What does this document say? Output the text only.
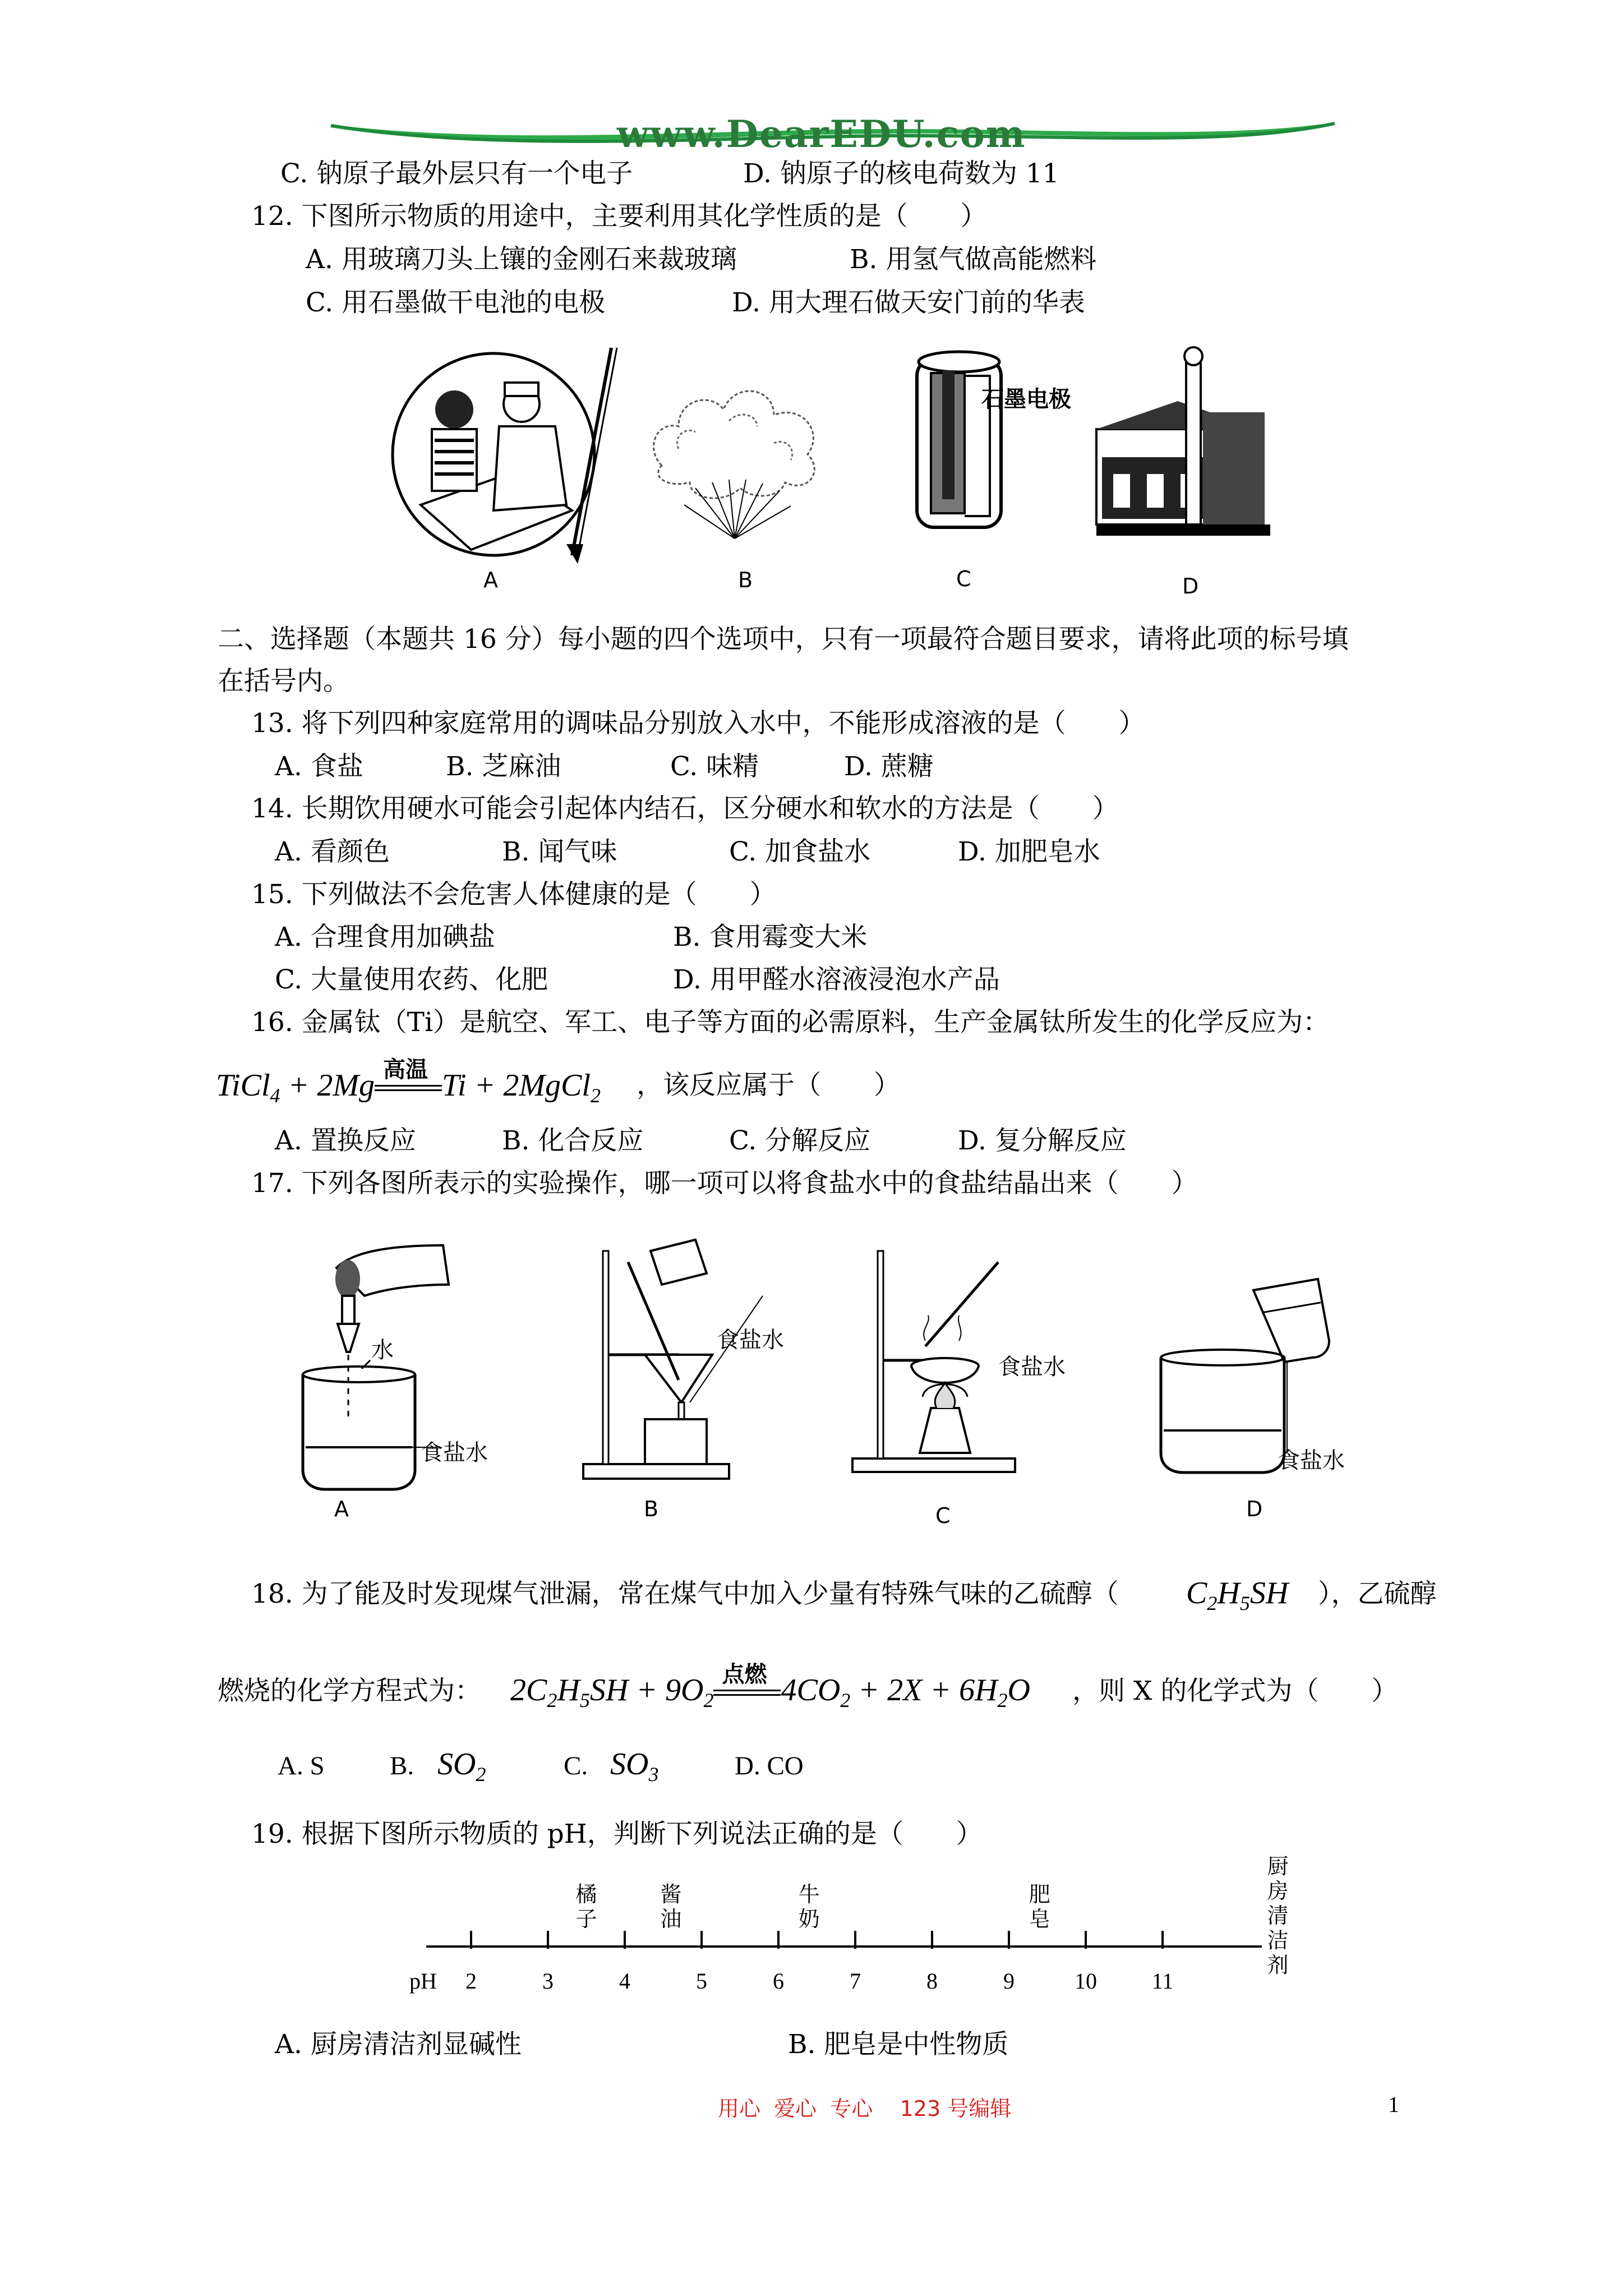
www.DearEDU.com
C. 钠原子最外层只有一个电子	D. 钠原子的核电荷数为 11
12. 下图所示物质的用途中，主要利用其化学性质的是（　　）
A. 用玻璃刀头上镶的金刚石来裁玻璃	B. 用氢气做高能燃料
C. 用石墨做干电池的电极	D. 用大理石做天安门前的华表
A	B
石墨电极
C	D
二、选择题（本题共 16 分）每小题的四个选项中，只有一项最符合题目要求，请将此项的标号填
在括号内。
13. 将下列四种家庭常用的调味品分别放入水中，不能形成溶液的是（　　）
A. 食盐	B. 芝麻油	C. 味精	D. 蔗糖
14. 长期饮用硬水可能会引起体内结石，区分硬水和软水的方法是（　　）
A. 看颜色	B. 闻气味	C. 加食盐水	D. 加肥皂水
15. 下列做法不会危害人体健康的是（　　）
A. 合理食用加碘盐	B. 食用霉变大米
C. 大量使用农药、化肥	D. 用甲醛水溶液浸泡水产品
16. 金属钛（Ti）是航空、军工、电子等方面的必需原料，生产金属钛所发生的化学反应为：
TiCl$_4$ + 2Mg 高温 Ti + 2MgCl$_2$ ，该反应属于（　　）
A. 置换反应	B. 化合反应	C. 分解反应	D. 复分解反应
17. 下列各图所表示的实验操作，哪一项可以将食盐水中的食盐结晶出来（　　）
水
食盐水
A
食盐水
B
食盐水
C
食盐水
D
18. 为了能及时发现煤气泄漏，常在煤气中加入少量有特殊气味的乙硫醇（ $C_2H_5SH$ ），乙硫醇
燃烧的化学方程式为： $2C_2H_5SH + 9O_2$
点燃 $4CO_2 + 2X + 6H_2O$ ，则 X 的化学式为（　　）
A. S B. $SO_2$	C. $SO_3$	D. CO
19. 根据下图所示物质的 pH，判断下列说法正确的是（　　）
pH 2	3	4	5	6	7	8	9	10 11
橘
子
酱
油
牛
奶
肥
皂
厨
房
清
洁
剂
A. 厨房清洁剂显碱性	B. 肥皂是中性物质
用心  爱心  专心    123 号编辑	1
